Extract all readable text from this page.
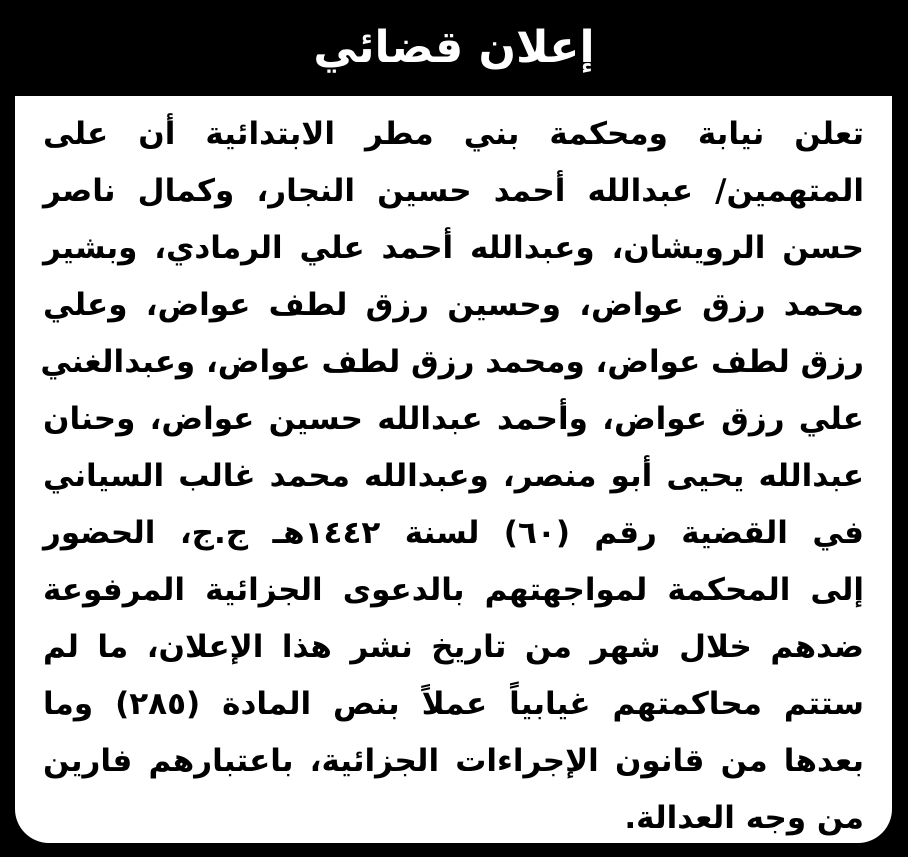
إعلان قضائي
تعلن نيابة ومحكمة بني مطر الابتدائية أن على
المتهمين/ عبدالله أحمد حسين النجار، وكمال ناصر
حسن الرويشان، وعبدالله أحمد علي الرمادي، وبشير
محمد رزق عواض، وحسين رزق لطف عواض، وعلي
رزق لطف عواض، ومحمد رزق لطف عواض، وعبدالغني
علي رزق عواض، وأحمد عبدالله حسين عواض، وحنان
عبدالله يحيى أبو منصر، وعبدالله محمد غالب السياني
في القضية رقم (٦٠) لسنة ١٤٤٢هـ ج.ج، الحضور
إلى المحكمة لمواجهتهم بالدعوى الجزائية المرفوعة
ضدهم خلال شهر من تاريخ نشر هذا الإعلان، ما لم
ستتم محاكمتهم غيابياً عملاً بنص المادة (٢٨٥) وما
بعدها من قانون الإجراءات الجزائية، باعتبارهم فارين
من وجه العدالة.
